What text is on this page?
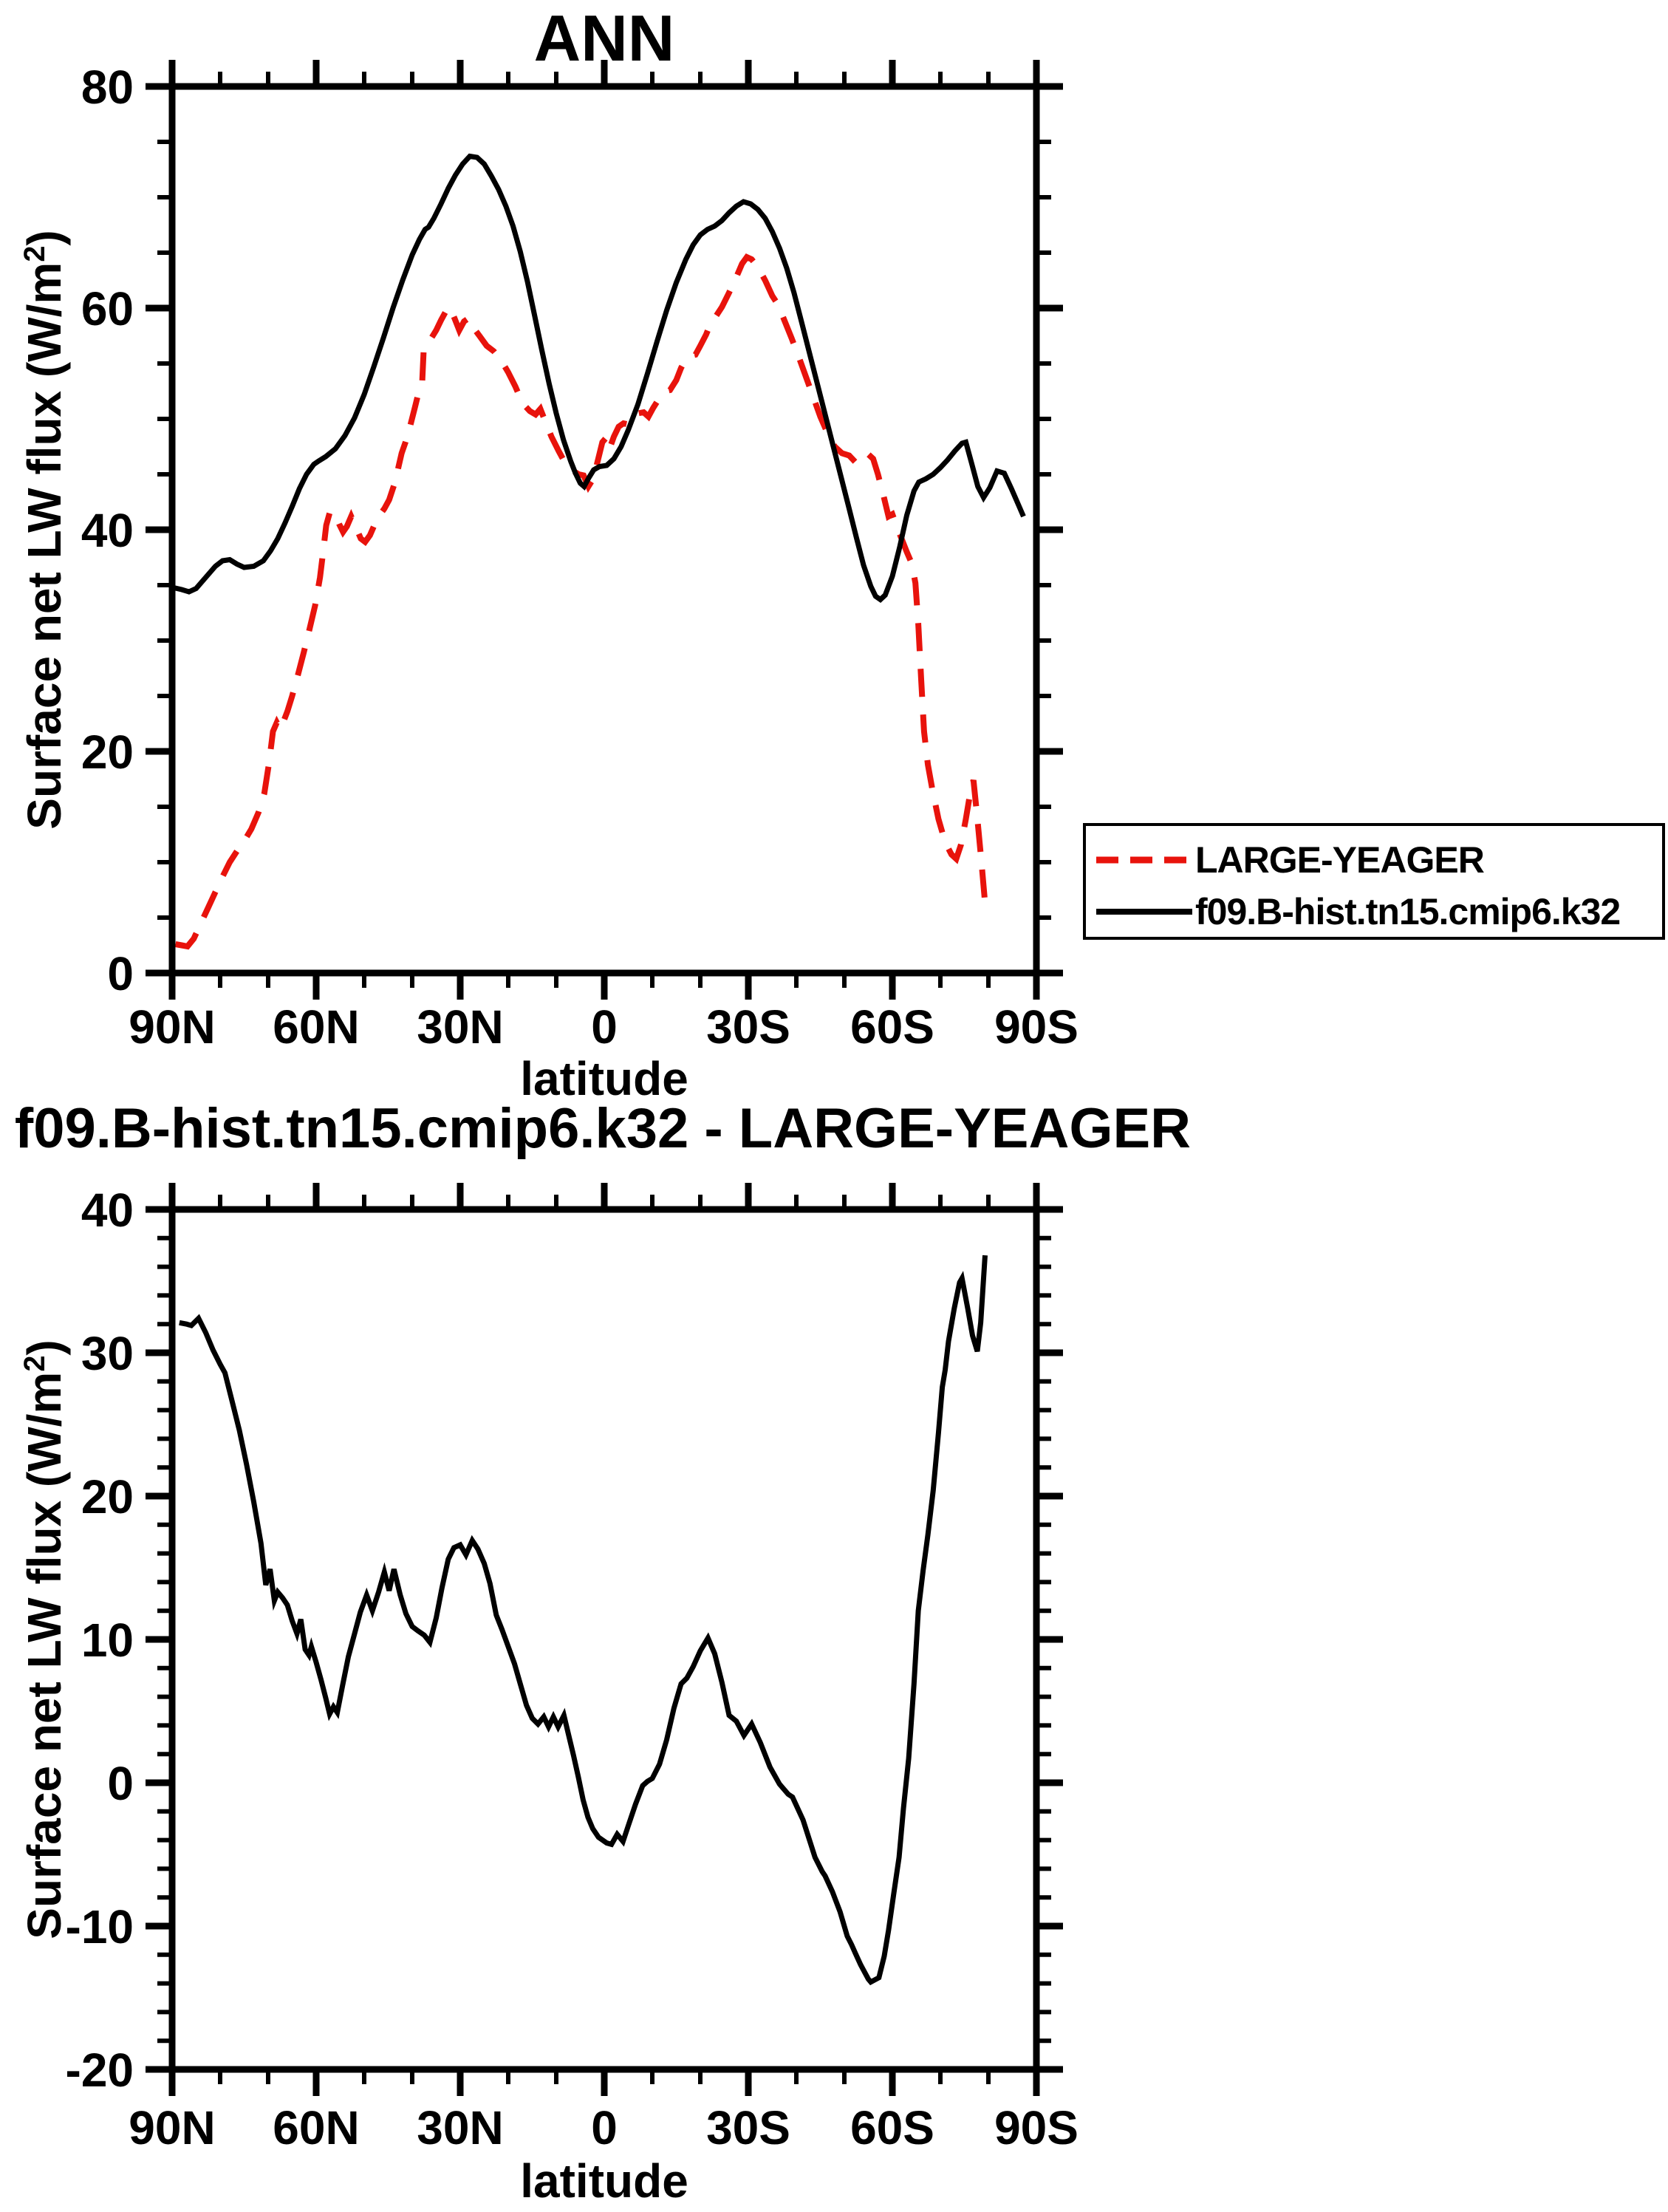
90N 60N 30N 0 30S 60S 90S
0
20
40
60
80
90N 60N 30N 0 30S 60S 90S
-20
-10
0
10
20
30
40
ANN
Surface net LW flux $(W/m^2)$
latitude
f09.B-hist.tn15.cmip6.k32 - LARGE-YEAGER
Surface net LW flux $(W/m^2)$
latitude
LARGE-YEAGER
f09.B-hist.tn15.cmip6.k32
